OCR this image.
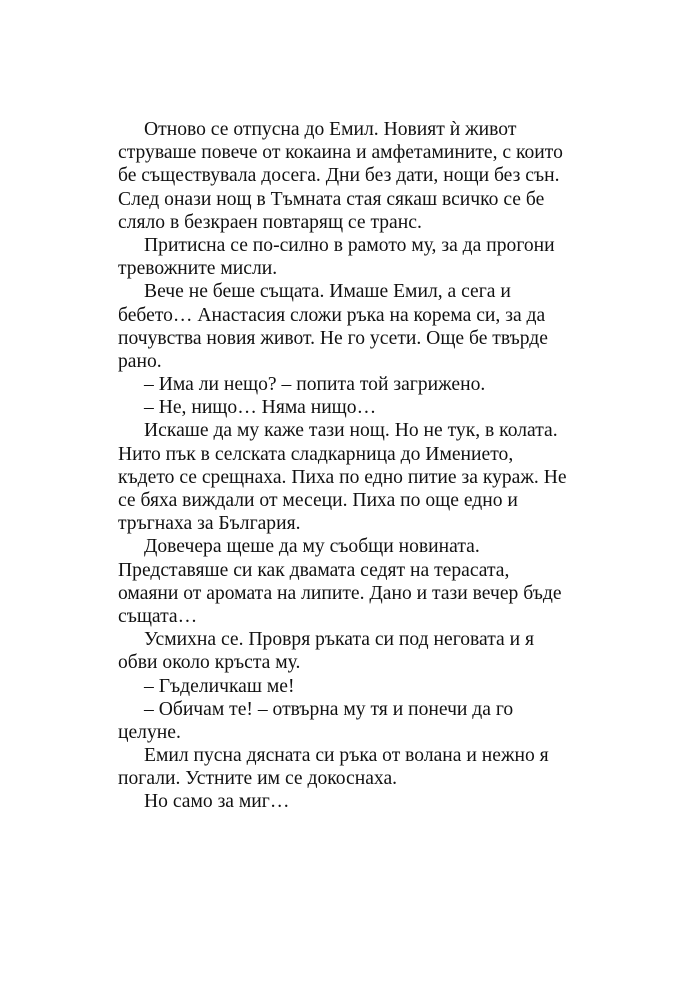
Отново се отпусна до Емил. Новият ѝ живот
струваше повече от кокаина и амфетамините, с които
бе съществувала досега. Дни без дати, нощи без сън.
След онази нощ в Тъмната стая сякаш всичко се бе
сляло в безкраен повтарящ се транс.
Притисна се по-силно в рамото му, за да прогони
тревожните мисли.
Вече не беше същата. Имаше Емил, а сега и
бебето… Анастасия сложи ръка на корема си, за да
почувства новия живот. Не го усети. Още бе твърде
рано.
– Има ли нещо? – попита той загрижено.
– Не, нищо… Няма нищо…
Искаше да му каже тази нощ. Но не тук, в колата.
Нито пък в селската сладкарница до Имението,
където се срещнаха. Пиха по едно питие за кураж. Не
се бяха виждали от месеци. Пиха по още едно и
тръгнаха за България.
Довечера щеше да му съобщи новината.
Представяше си как двамата седят на терасата,
омаяни от аромата на липите. Дано и тази вечер бъде
същата…
Усмихна се. Провря ръката си под неговата и я
обви около кръста му.
– Гъделичкаш ме!
– Обичам те! – отвърна му тя и понечи да го
целуне.
Емил пусна дясната си ръка от волана и нежно я
погали. Устните им се докоснаха.
Но само за миг…
